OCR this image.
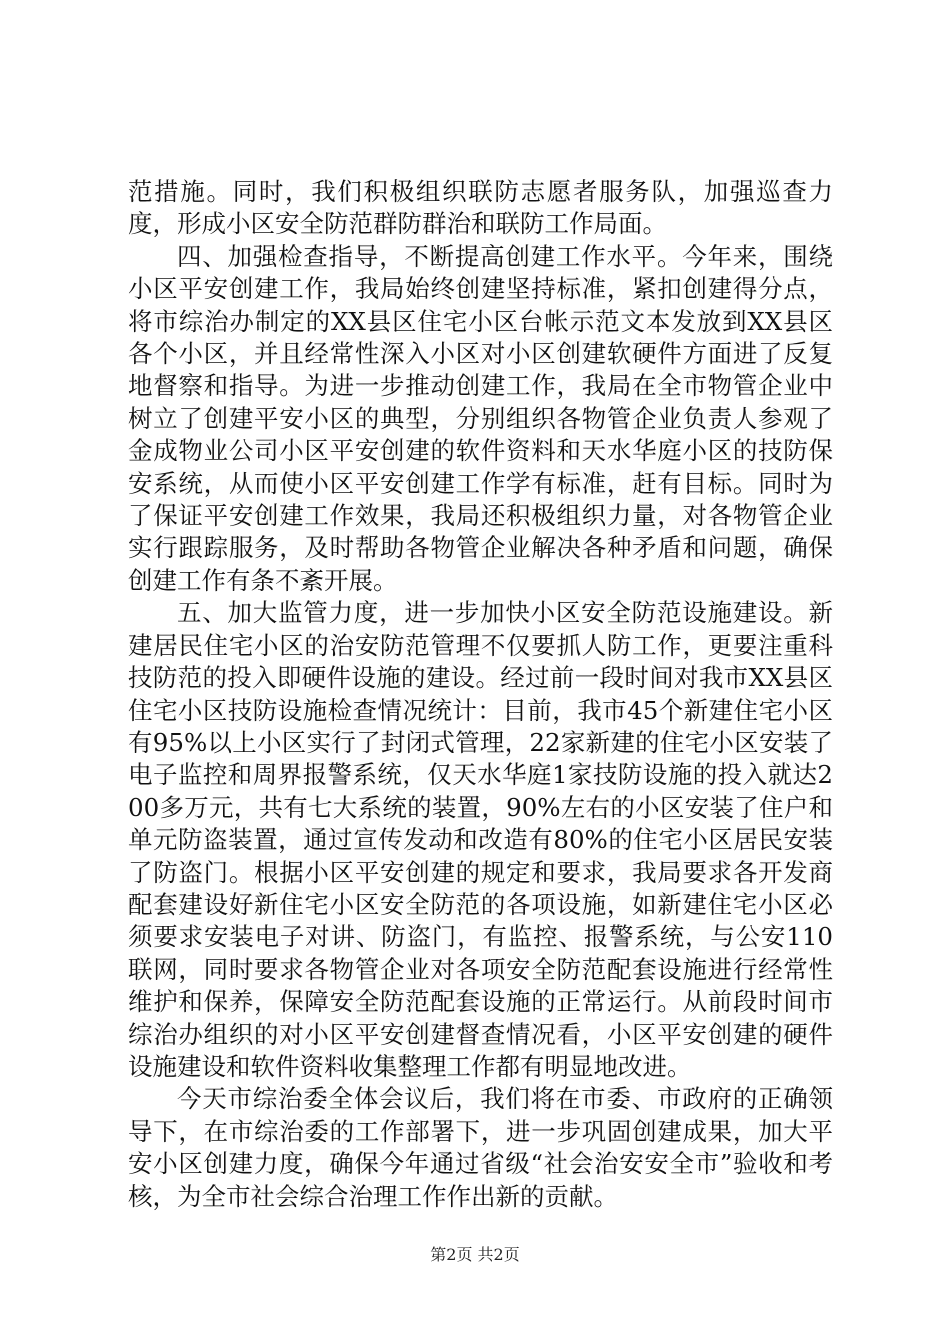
范措施。同时，我们积极组织联防志愿者服务队，加强巡查力度，形成小区安全防范群防群治和联防工作局面。

四、加强检查指导，不断提高创建工作水平。今年来，围绕小区平安创建工作，我局始终创建坚持标准，紧扣创建得分点，将市综治办制定的XX县区住宅小区台帐示范文本发放到XX县区各个小区，并且经常性深入小区对小区创建软硬件方面进了反复地督察和指导。为进一步推动创建工作，我局在全市物管企业中树立了创建平安小区的典型，分别组织各物管企业负责人参观了金成物业公司小区平安创建的软件资料和天水华庭小区的技防保安系统，从而使小区平安创建工作学有标准，赶有目标。同时为了保证平安创建工作效果，我局还积极组织力量，对各物管企业实行跟踪服务，及时帮助各物管企业解决各种矛盾和问题，确保创建工作有条不紊开展。

五、加大监管力度，进一步加快小区安全防范设施建设。新建居民住宅小区的治安防范管理不仅要抓人防工作，更要注重科技防范的投入即硬件设施的建设。经过前一段时间对我市XX县区住宅小区技防设施检查情况统计：目前，我市45个新建住宅小区有95%以上小区实行了封闭式管理，22家新建的住宅小区安装了电子监控和周界报警系统，仅天水华庭1家技防设施的投入就达200多万元，共有七大系统的装置，90%左右的小区安装了住户和单元防盗装置，通过宣传发动和改造有80%的住宅小区居民安装了防盗门。根据小区平安创建的规定和要求，我局要求各开发商配套建设好新住宅小区安全防范的各项设施，如新建住宅小区必须要求安装电子对讲、防盗门，有监控、报警系统，与公安110联网，同时要求各物管企业对各项安全防范配套设施进行经常性维护和保养，保障安全防范配套设施的正常运行。从前段时间市综治办组织的对小区平安创建督查情况看，小区平安创建的硬件设施建设和软件资料收集整理工作都有明显地改进。

今天市综治委全体会议后，我们将在市委、市政府的正确领导下，在市综治委的工作部署下，进一步巩固创建成果，加大平安小区创建力度，确保今年通过省级“社会治安安全市”验收和考核，为全市社会综合治理工作作出新的贡献。

第2页 共2页
